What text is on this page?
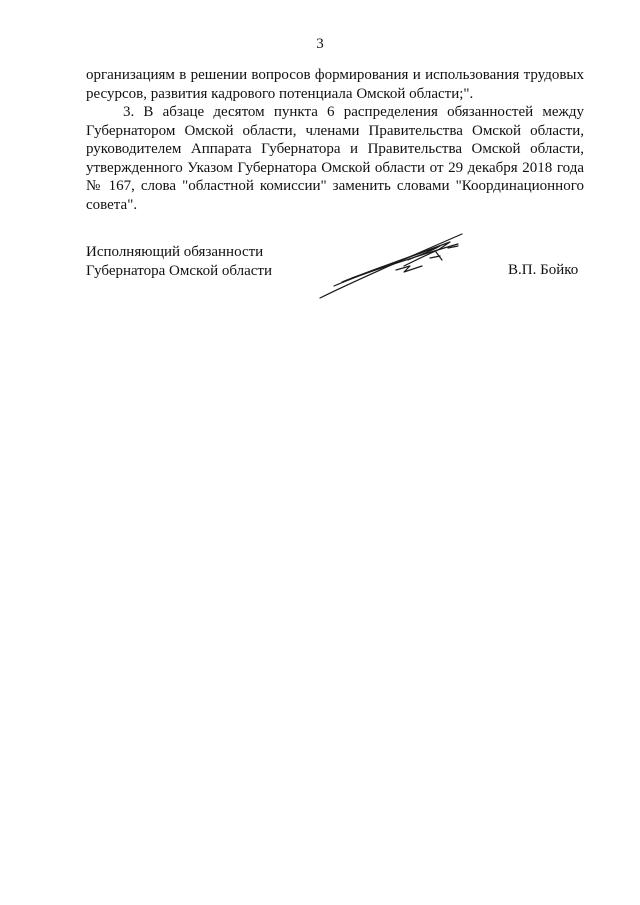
3

организациям в решении вопросов формирования и использования трудовых ресурсов, развития кадрового потенциала Омской области;".

3. В абзаце десятом пункта 6 распределения обязанностей между Губернатором Омской области, членами Правительства Омской области, руководителем Аппарата Губернатора и Правительства Омской области, утвержденного Указом Губернатора Омской области от 29 декабря 2018 года № 167, слова "областной комиссии" заменить словами "Координационного совета".

Исполняющий обязанности
Губернатора Омской области	В.П. Бойко
